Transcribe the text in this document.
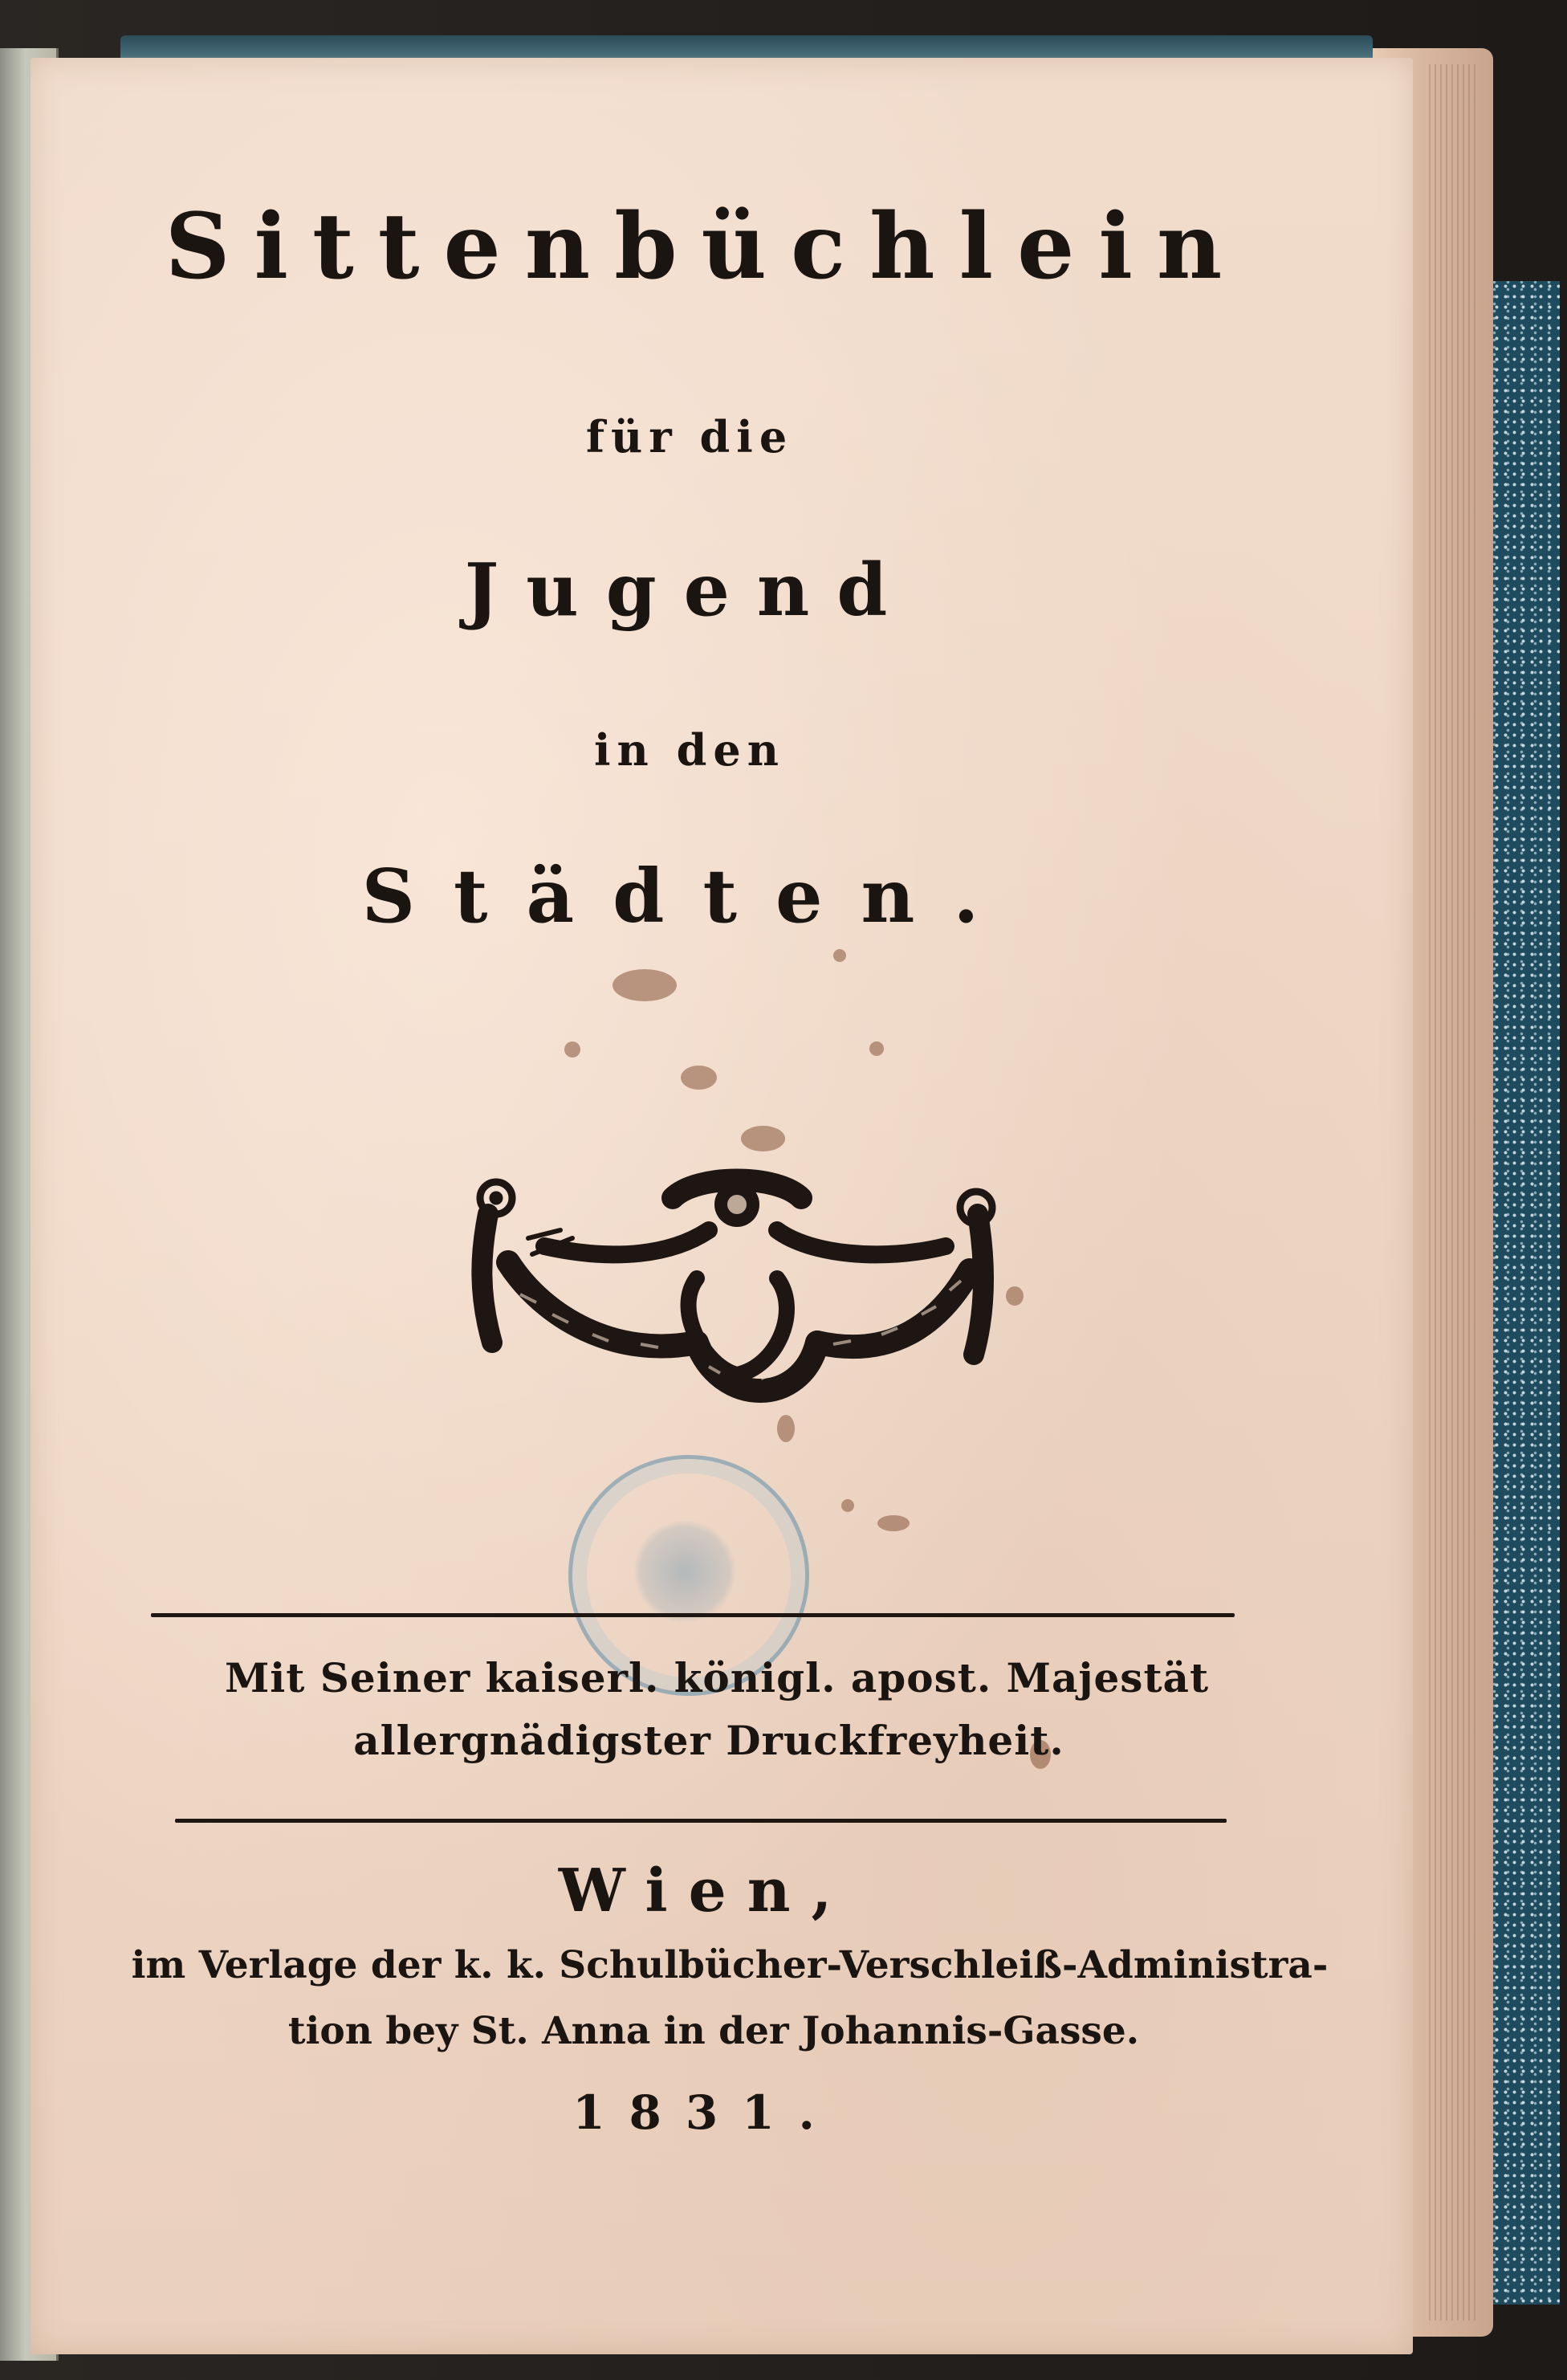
Sittenbüchlein

für die

Jugend

in den

Städten.

Mit Seiner kaiserl. königl. apost. Majestät

allergnädigster Druckfreyheit.

Wien,

im Verlage der k. k. Schulbücher-Verschleiß-Administra-

tion bey St. Anna in der Johannis-Gasse.

1831.
